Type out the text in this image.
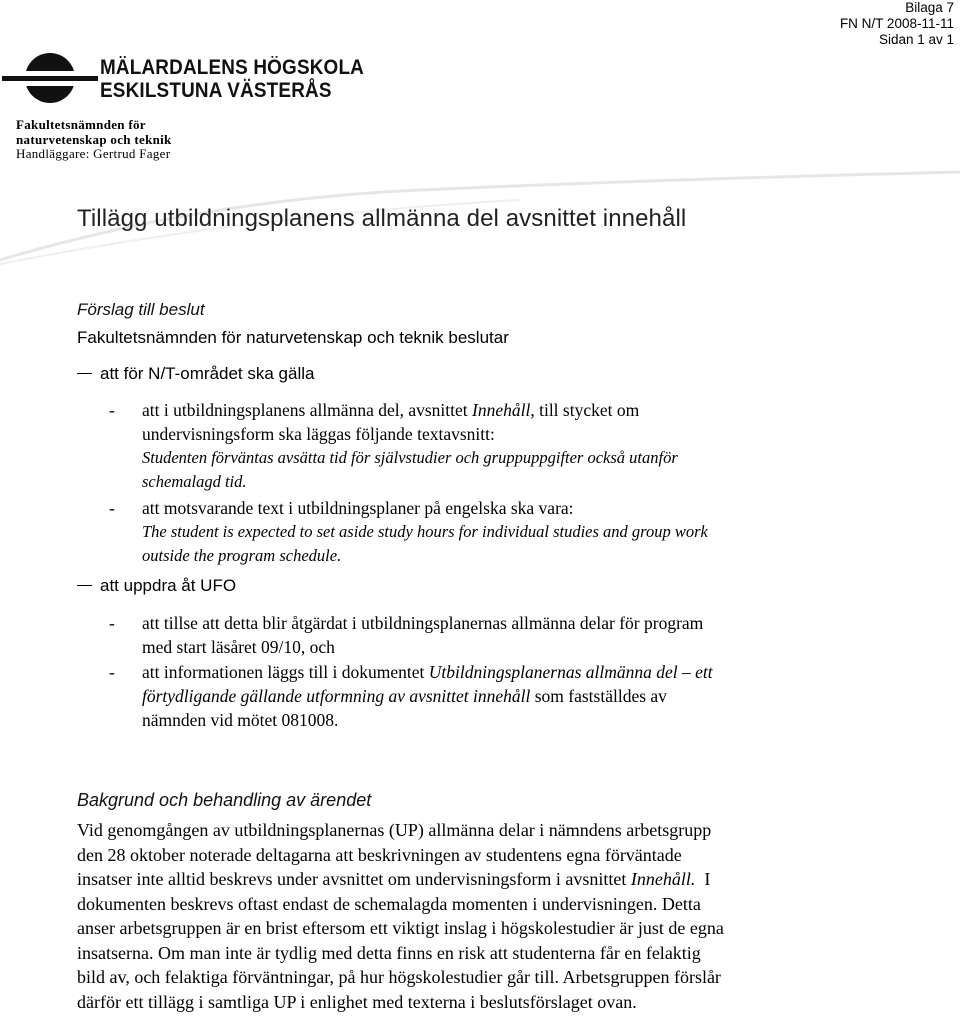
Bilaga 7
FN N/T 2008-11-11
Sidan 1 av 1
MÄLARDALENS HÖGSKOLA
ESKILSTUNA VÄSTERÅS
Fakultetsnämnden för
naturvetenskap och teknik
Handläggare: Gertrud Fager
Tillägg utbildningsplanens allmänna del avsnittet innehåll
Förslag till beslut
Fakultetsnämnden för naturvetenskap och teknik beslutar
att för N/T-området ska gälla
- att i utbildningsplanens allmänna del, avsnittet Innehåll, till stycket om
undervisningsform ska läggas följande textavsnitt:
Studenten förväntas avsätta tid för självstudier och gruppuppgifter också utanför
schemalagd tid.
- att motsvarande text i utbildningsplaner på engelska ska vara:
The student is expected to set aside study hours for individual studies and group work
outside the program schedule.
att uppdra åt UFO
- att tillse att detta blir åtgärdat i utbildningsplanernas allmänna delar för program
med start läsåret 09/10, och
- att informationen läggs till i dokumentet Utbildningsplanernas allmänna del – ett
förtydligande gällande utformning av avsnittet innehåll som fastställdes av
nämnden vid mötet 081008.
Bakgrund och behandling av ärendet
Vid genomgången av utbildningsplanernas (UP) allmänna delar i nämndens arbetsgrupp
den 28 oktober noterade deltagarna att beskrivningen av studentens egna förväntade
insatser inte alltid beskrevs under avsnittet om undervisningsform i avsnittet Innehåll.  I
dokumenten beskrevs oftast endast de schemalagda momenten i undervisningen. Detta
anser arbetsgruppen är en brist eftersom ett viktigt inslag i högskolestudier är just de egna
insatserna. Om man inte är tydlig med detta finns en risk att studenterna får en felaktig
bild av, och felaktiga förväntningar, på hur högskolestudier går till. Arbetsgruppen förslår
därför ett tillägg i samtliga UP i enlighet med texterna i beslutsförslaget ovan.
